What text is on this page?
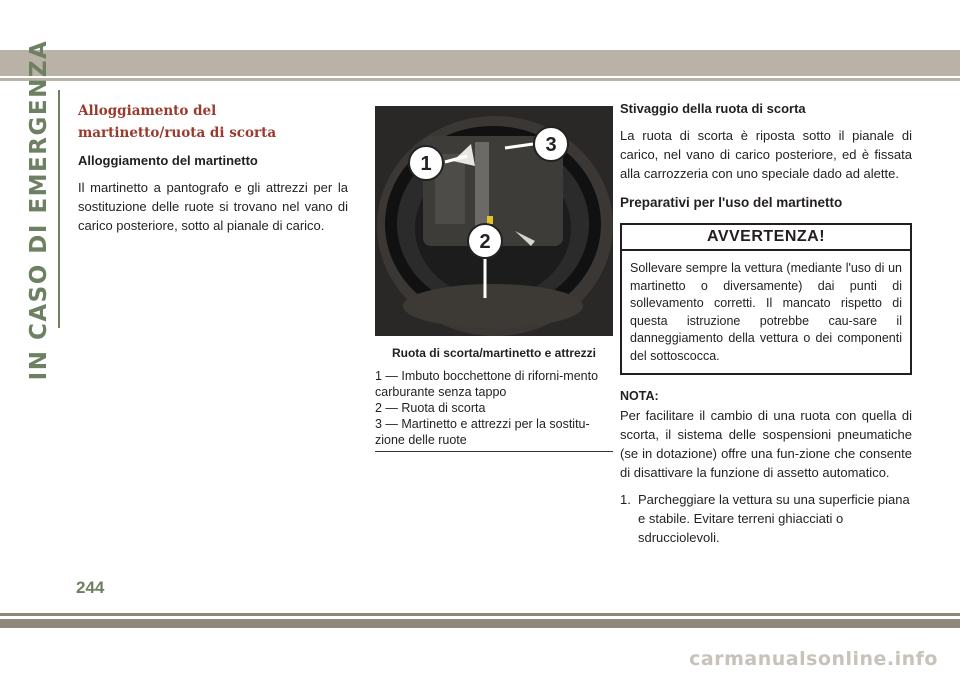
IN CASO DI EMERGENZA Alloggiamento del martinetto/ruota di scorta
Alloggiamento del martinetto

Il martinetto a pantografo e gli attrezzi per la sostituzione delle ruote si trovano nel vano di carico posteriore, sotto al pianale di carico.

1
3
2
Ruota di scorta/martinetto e attrezzi
1 — Imbuto bocchettone di riforni-mento carburante senza tappo
2 — Ruota di scorta
3 — Martinetto e attrezzi per la sostitu-zione delle ruote
Stivaggio della ruota di scorta

La ruota di scorta è riposta sotto il pianale di carico, nel vano di carico posteriore, ed è fissata alla carrozzeria con uno speciale dado ad alette.

Preparativi per l'uso del martinetto
AVVERTENZA!
Sollevare sempre la vettura (mediante l'uso di un martinetto o diversamente) dai punti di sollevamento corretti. Il mancato rispetto di questa istruzione potrebbe cau-sare il danneggiamento della vettura o dei componenti del sottoscocca.
NOTA:

Per facilitare il cambio di una ruota con quella di scorta, il sistema delle sospensioni pneumatiche (se in dotazione) offre una fun-zione che consente di disattivare la funzione di assetto automatico.

1. Parcheggiare la vettura su una superficie piana e stabile. Evitare terreni ghiacciati o sdrucciolevoli.
244
carmanualsonline.info
